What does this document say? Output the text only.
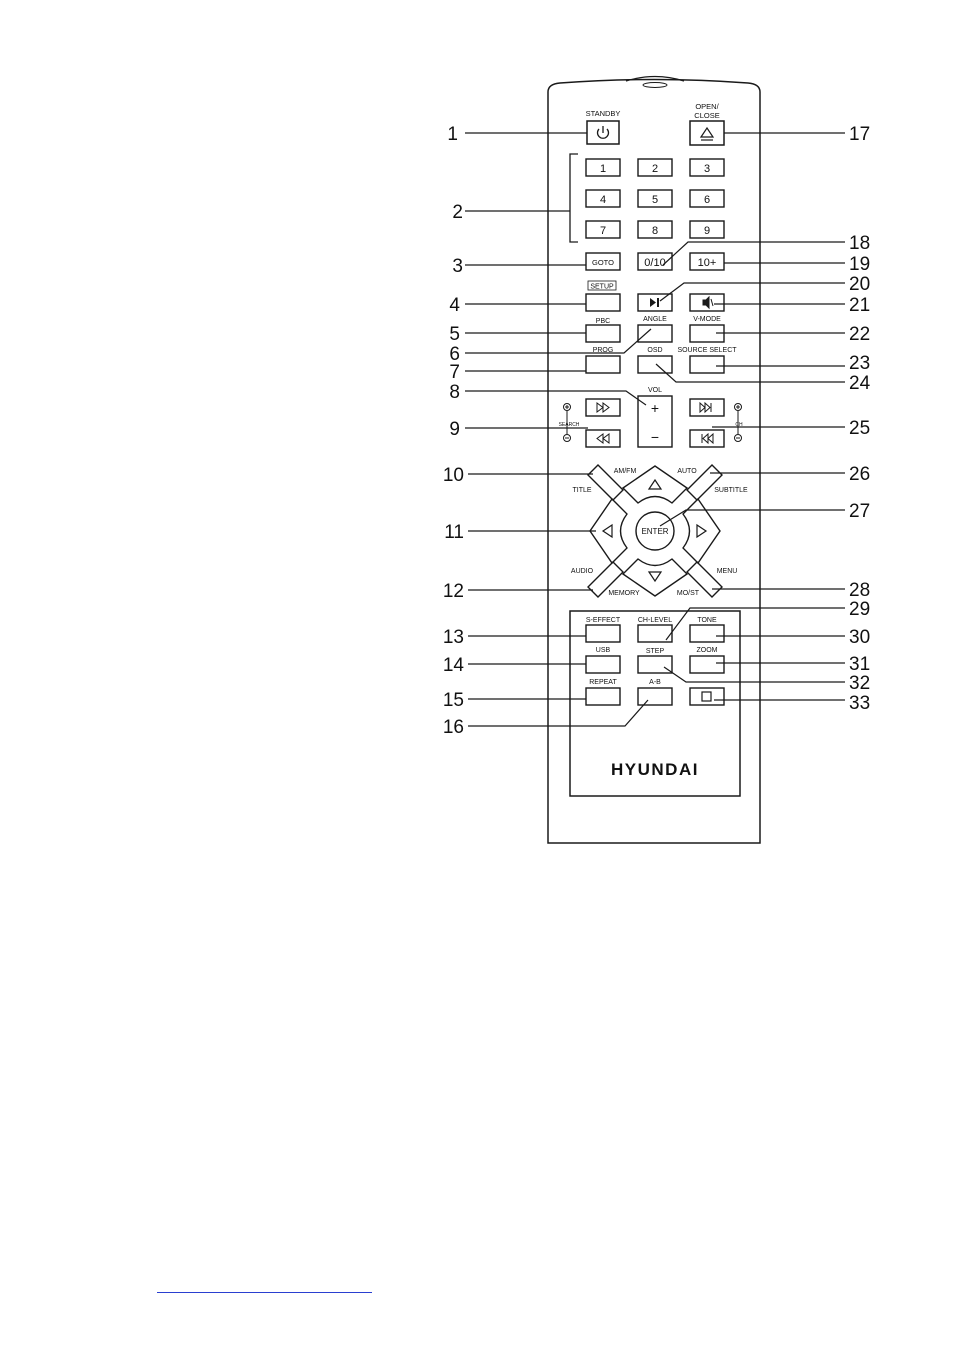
STANDBY
OPEN/
CLOSE
1	2	3
4	5	6
7	8	9
GOTO	0/10	10+
SETUP
PBC	ANGLE	V-MODE
PROG	OSD SOURCE SELECT
VOL
+
−
SEARCH	CH
ENTER
AM/FM
TITLE
AUTO
SUBTITLE
AUDIO
MEMORY
MENU
MO/ST
S-EFFECT	CH-LEVEL	TONE
USB	STEP	ZOOM
REPEAT	A-B
HYUNDAI
1
2
3
4
5
6
7
8
9
10
11
12
13
14
15
16
17
18
19
20
21
22
23
24
25
26
27
28
29
30
31
32
33
